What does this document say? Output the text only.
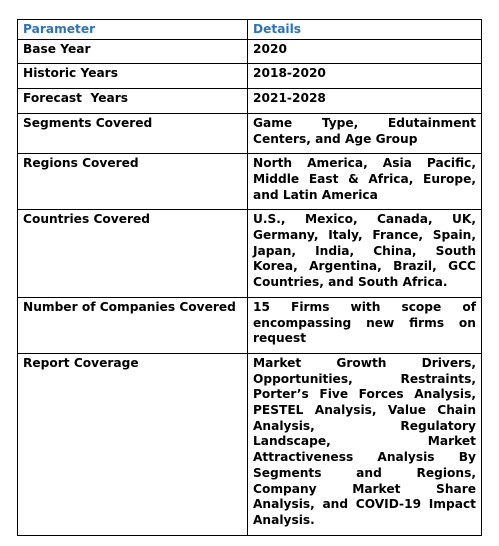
Parameter	Details
Base Year	2020
Historic Years	2018-2020
Forecast  Years	2021-2028
Segments Covered	Game Type, Edutainment Centers, and Age Group
Regions Covered	North America, Asia Pacific, Middle East & Africa, Europe, and Latin America
Countries Covered	U.S., Mexico, Canada, UK, Germany, Italy, France, Spain, Japan, India, China, South Korea, Argentina, Brazil, GCC Countries, and South Africa.
Number of Companies Covered	15 Firms with scope of encompassing new firms on request
Report Coverage	Market Growth Drivers, Opportunities, Restraints, Porter’s Five Forces Analysis, PESTEL Analysis, Value Chain Analysis, Regulatory Landscape, Market Attractiveness Analysis By Segments and Regions, Company Market Share Analysis, and COVID-19 Impact Analysis.
